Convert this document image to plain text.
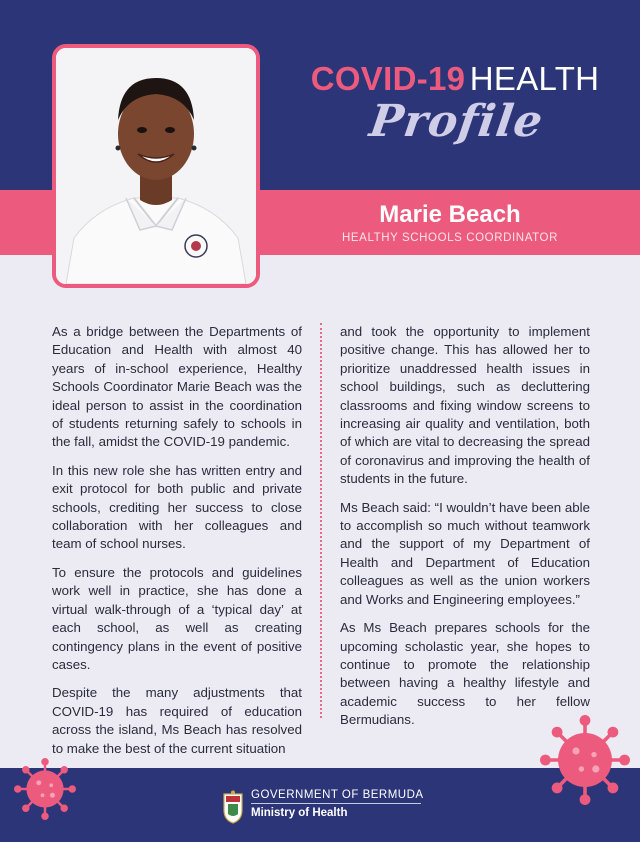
COVID-19 HEALTH
Profile
Marie Beach
HEALTHY SCHOOLS COORDINATOR

As a bridge between the Departments of Education and Health with almost 40 years of in-school experience, Healthy Schools Coordinator Marie Beach was the ideal person to assist in the coordination of students returning safely to schools in the fall, amidst the COVID-19 pandemic.

In this new role she has written entry and exit protocol for both public and private schools, crediting her success to close collaboration with her colleagues and team of school nurses.

To ensure the protocols and guidelines work well in practice, she has done a virtual walk-through of a ‘typical day’ at each school, as well as creating contingency plans in the event of positive cases.

Despite the many adjustments that COVID-19 has required of education across the island, Ms Beach has resolved to make the best of the current situation

and took the opportunity to implement positive change. This has allowed her to prioritize unaddressed health issues in school buildings, such as decluttering classrooms and fixing window screens to increasing air quality and ventilation, both of which are vital to decreasing the spread of coronavirus and improving the health of students in the future.

Ms Beach said: “I wouldn’t have been able to accomplish so much without teamwork and the support of my Department of Health and Department of Education colleagues as well as the union workers and Works and Engineering employees.”

As Ms Beach prepares schools for the upcoming scholastic year, she hopes to continue to promote the relationship between having a healthy lifestyle and academic success to her fellow Bermudians.

GOVERNMENT OF BERMUDA
Ministry of Health
